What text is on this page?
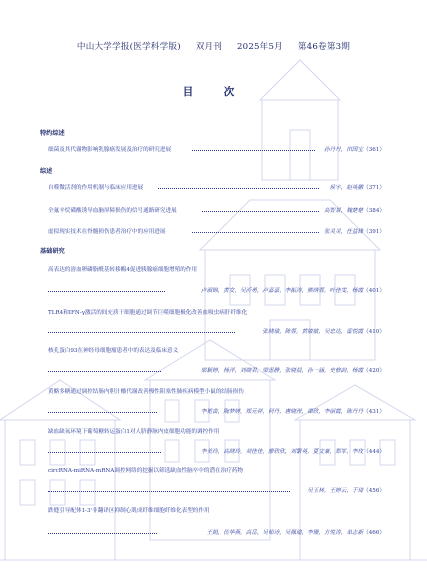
中山大学学报(医学科学版) 双月刊 2025年5月 第46卷第3期
目　次
特约综述
细菌及其代谢物影响乳腺癌发展及治疗的研究进展	孙丹丹，田国宝（361）
综述
自噬微活剂的作用机制与临床应用进展	侯宇，赵英鹏（371）
全氟辛烷磺酸诱导血脑屏障损伤的信号通路研究进展	高智景，魏楚楚（384）
虚拟现实技术在脊髓损伤患者治疗中的应用进展	张灵灵，任益锋（391）
基础研究
高表达的溶血卵磷脂酰基转移酶4促进胰腺癌细胞增殖的作用
卢淑锦，黄女，吴沂勇，卢嘉嘉，李振涛，熊绣蓉，叶佳雯，杨霞（401）
TLR4和IFN-γ激活的间充质干细胞通过调节巨噬细胞极化改善血吸虫病肝纤维化
张晓瑜，陈蓉，黄敏敏，吴忠达，雷悦霞（410）
核孔蛋白93在神经母细胞瘤患者中的表达及临床意义
梁颖婷，杨洋，刘晓君，梁惠静，张晓晨，孙一涵，史修韵，杨霞（420）
黄酪多糖通过调控结肠内胆汁酸代谢改善慢性阻塞性肺疾病模型小鼠的结肠损伤
李冕苗，陶梦婷，郑元祥，何丹，唐晓滢，谭欣，李丽霞，陈丹丹（431）
缺血缺氧环境下葡萄糖转运蛋白1对人脐静脉内皮细胞功能的调控作用
李美玲，高晓玲，刘佳佳，廖欣欣，刘繁英，夏文豪，郑军，李玫（444）
circRNA-miRNA-mRNA调控网络的挖掘以筛选缺血性脑卒中的潜在治疗药物
吴玉林，王婷云，于琦（456）
跌缝引导配体1-3'非翻译区抑制心肌成纤维细胞纤维化表型的作用
王娟，伍华燕，高岳，吴茹诗，吴佩瑜，李珊，方悦涛，单志新（466）
